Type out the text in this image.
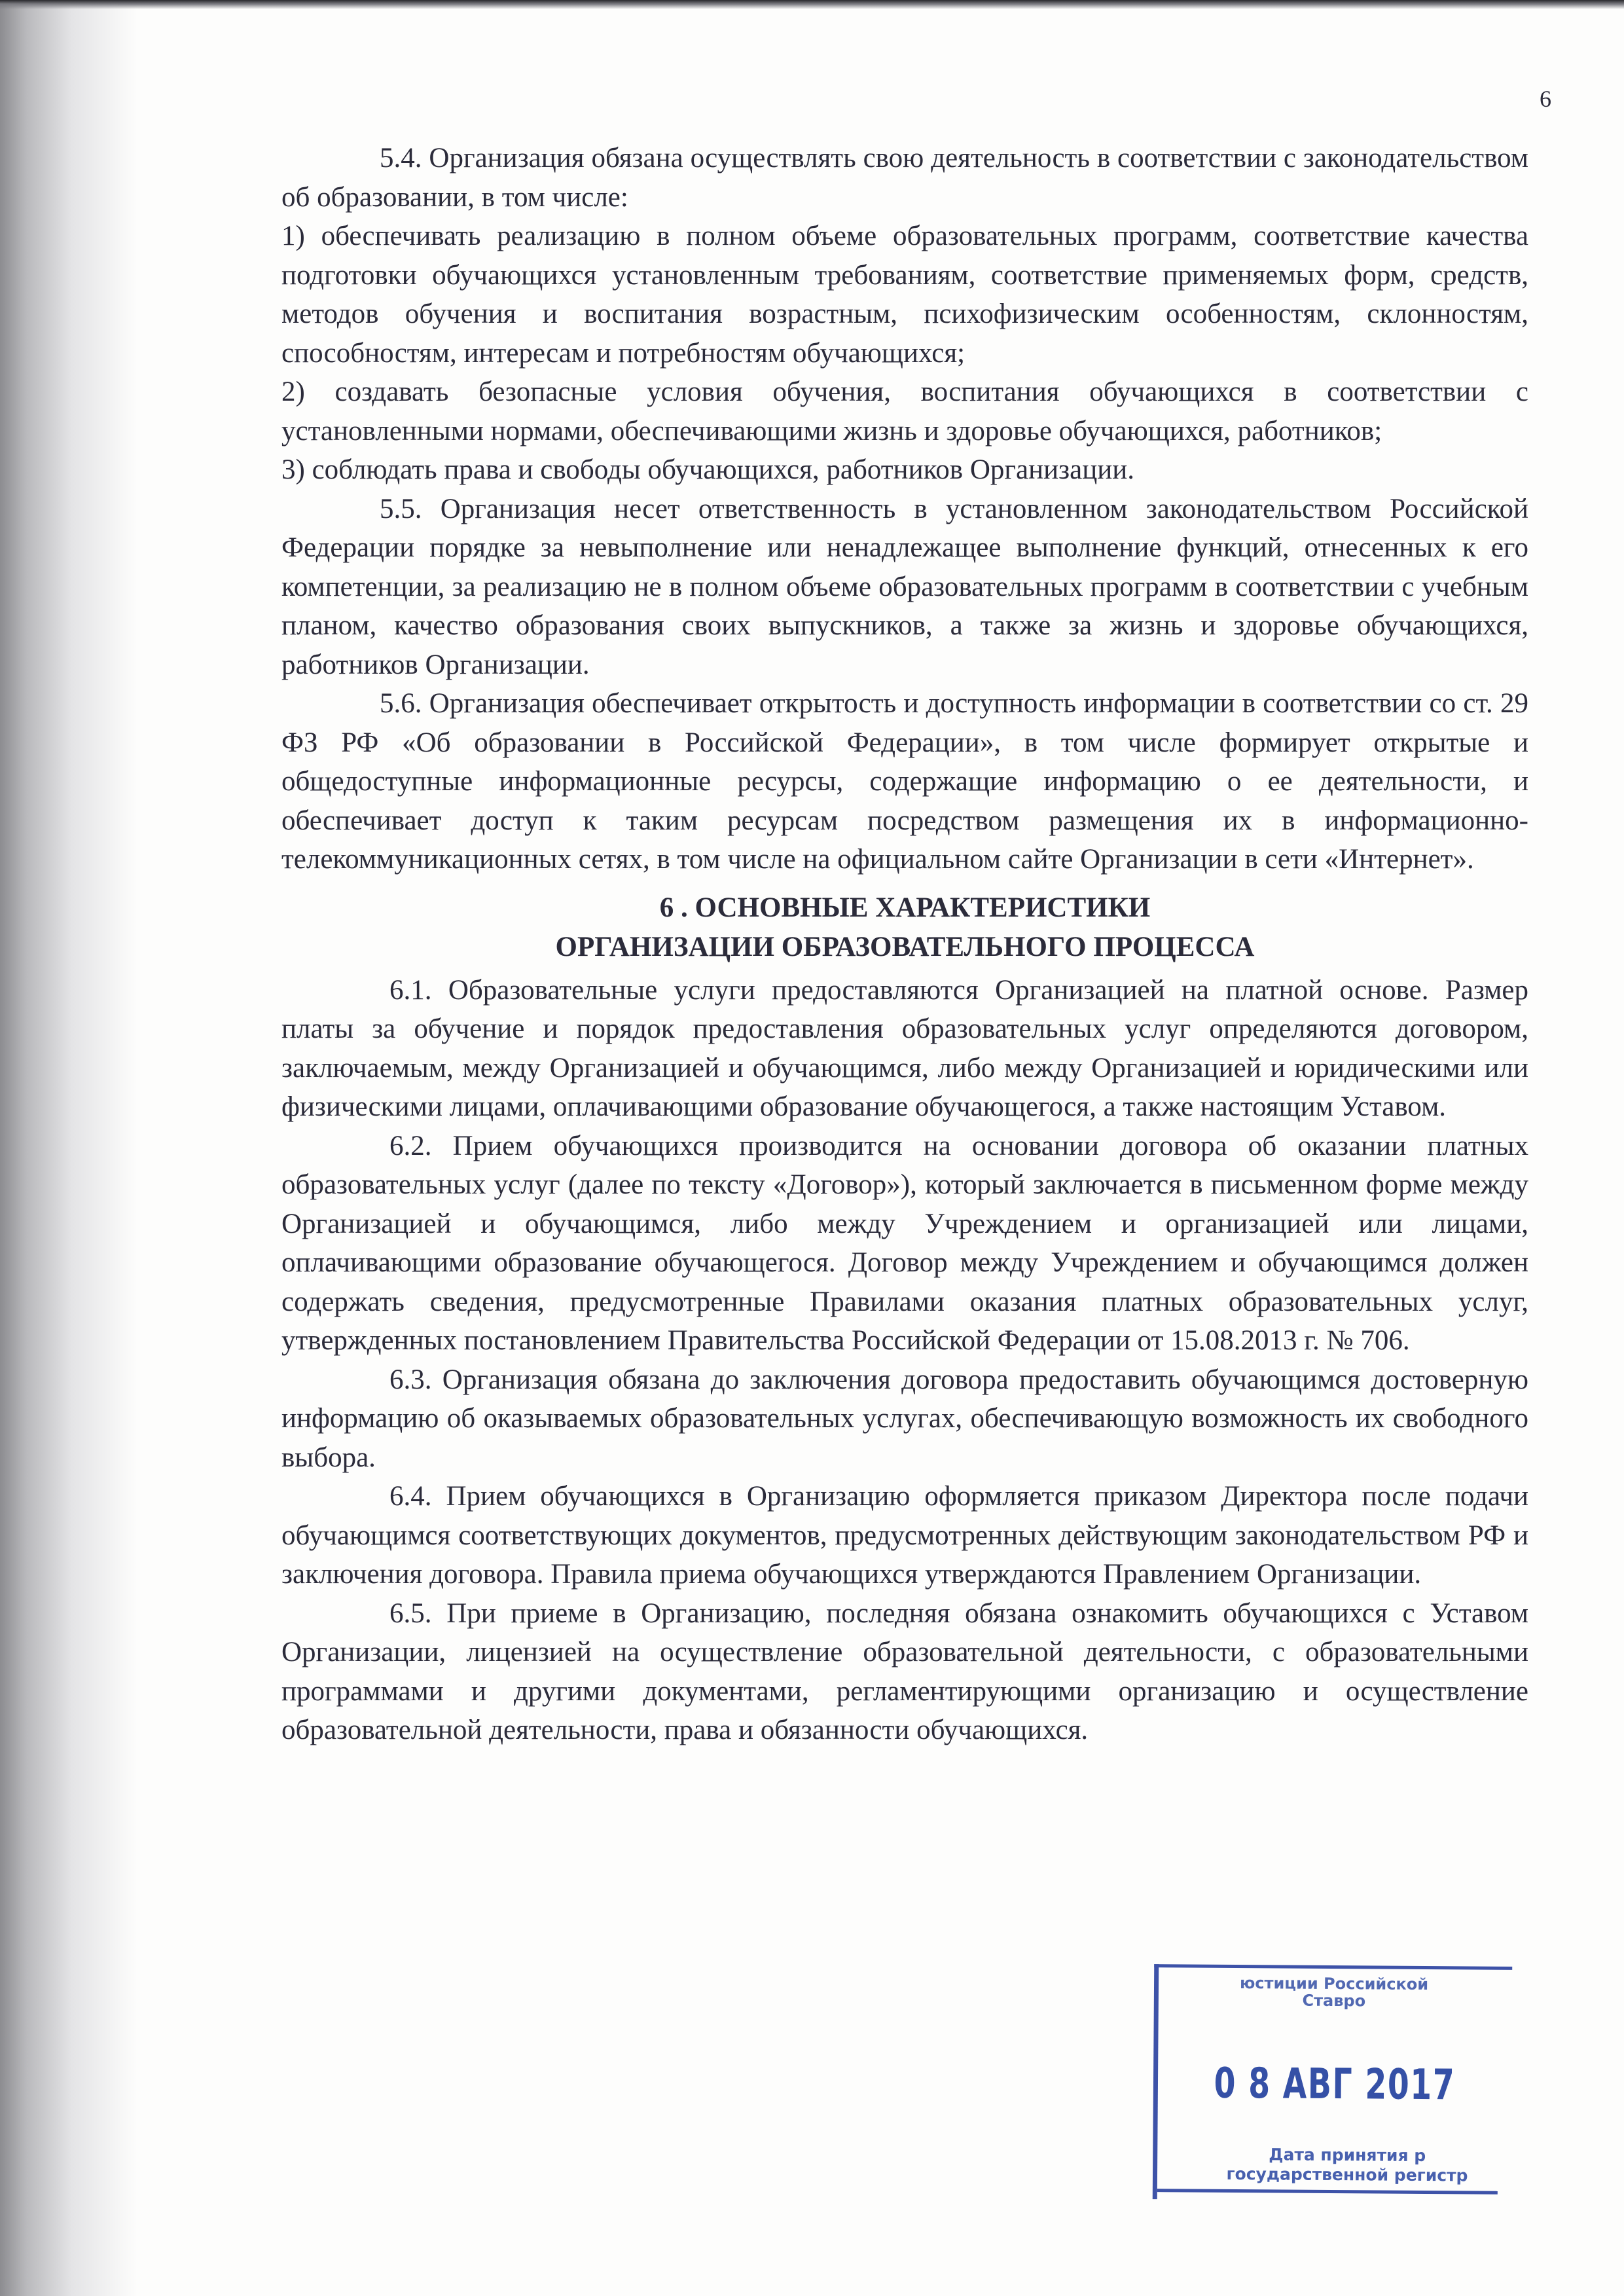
6

5.4. Организация обязана осуществлять свою деятельность в соответствии с законодательством об образовании, в том числе:

1) обеспечивать реализацию в полном объеме образовательных программ, соответствие качества подготовки обучающихся установленным требованиям, соответствие применяемых форм, средств, методов обучения и воспитания возрастным, психофизическим особенностям, склонностям, способностям, интересам и потребностям обучающихся;

2) создавать безопасные условия обучения, воспитания обучающихся в соответствии с установленными нормами, обеспечивающими жизнь и здоровье обучающихся, работников;

3) соблюдать права и свободы обучающихся, работников Организации.

5.5. Организация несет ответственность в установленном законодательством Российской Федерации порядке за невыполнение или ненадлежащее выполнение функций, отнесенных к его компетенции, за реализацию не в полном объеме образовательных программ в соответствии с учебным планом, качество образования своих выпускников, а также за жизнь и здоровье обучающихся, работников Организации.

5.6. Организация обеспечивает открытость и доступность информации в соответствии со ст. 29 ФЗ РФ «Об образовании в Российской Федерации», в том числе формирует открытые и общедоступные информационные ресурсы, содержащие информацию о ее деятельности, и обеспечивает доступ к таким ресурсам посредством размещения их в информационно-телекоммуникационных сетях, в том числе на официальном сайте Организации в сети «Интернет».

6 . ОСНОВНЫЕ ХАРАКТЕРИСТИКИ
ОРГАНИЗАЦИИ ОБРАЗОВАТЕЛЬНОГО ПРОЦЕССА

6.1. Образовательные услуги предоставляются Организацией на платной основе. Размер платы за обучение и порядок предоставления образовательных услуг определяются договором, заключаемым, между Организацией и обучающимся, либо между Организацией и юридическими или физическими лицами, оплачивающими образование обучающегося, а также настоящим Уставом.

6.2. Прием обучающихся производится на основании договора об оказании платных образовательных услуг (далее по тексту «Договор»), который заключается в письменном форме между Организацией и обучающимся, либо между Учреждением и организацией или лицами, оплачивающими образование обучающегося. Договор между Учреждением и обучающимся должен содержать сведения, предусмотренные Правилами оказания платных образовательных услуг, утвержденных постановлением Правительства Российской Федерации от 15.08.2013 г. № 706.

6.3. Организация обязана до заключения договора предоставить обучающимся достоверную информацию об оказываемых образовательных услугах, обеспечивающую возможность их свободного выбора.

6.4. Прием обучающихся в Организацию оформляется приказом Директора после подачи обучающимся соответствующих документов, предусмотренных действующим законодательством РФ и заключения договора. Правила приема обучающихся утверждаются Правлением Организации.

6.5. При приеме в Организацию, последняя обязана ознакомить обучающихся с Уставом Организации, лицензией на осуществление образовательной деятельности, с образовательными программами и другими документами, регламентирующими организацию и осуществление образовательной деятельности, права и обязанности обучающихся.

юстиции Российской
Ставро
0 8 АВГ 2017
Дата принятия р
государственной регистр
